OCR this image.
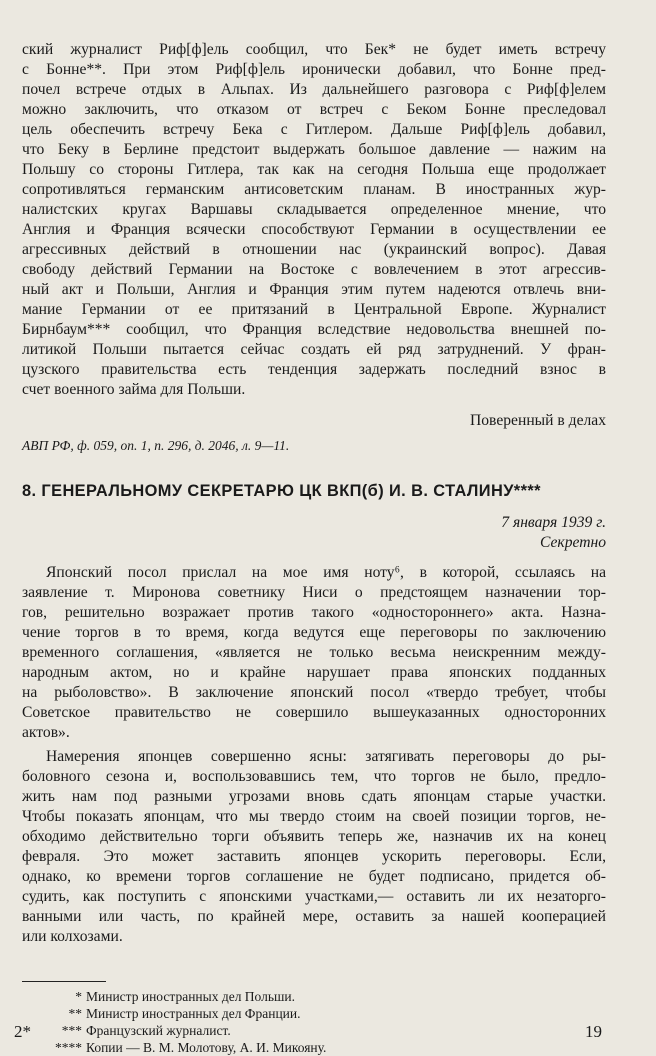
ский журналист Риф[ф]ель сообщил, что Бек* не будет иметь встречу
с Бонне**. При этом Риф[ф]ель иронически добавил, что Бонне пред-
почел встрече отдых в Альпах. Из дальнейшего разговора с Риф[ф]елем
можно заключить, что отказом от встреч с Беком Бонне преследовал
цель обеспечить встречу Бека с Гитлером. Дальше Риф[ф]ель добавил,
что Беку в Берлине предстоит выдержать большое давление — нажим на
Польшу со стороны Гитлера, так как на сегодня Польша еще продолжает
сопротивляться германским антисоветским планам. В иностранных жур-
налистских кругах Варшавы складывается определенное мнение, что
Англия и Франция всячески способствуют Германии в осуществлении ее
агрессивных действий в отношении нас (украинский вопрос). Давая
свободу действий Германии на Востоке с вовлечением в этот агрессив-
ный акт и Польши, Англия и Франция этим путем надеются отвлечь вни-
мание Германии от ее притязаний в Центральной Европе. Журналист
Бирнбаум*** сообщил, что Франция вследствие недовольства внешней по-
литикой Польши пытается сейчас создать ей ряд затруднений. У фран-
цузского правительства есть тенденция задержать последний взнос в
счет военного займа для Польши.
Поверенный в делах
АВП РФ, ф. 059, оп. 1, п. 296, д. 2046, л. 9—11.
8. ГЕНЕРАЛЬНОМУ СЕКРЕТАРЮ ЦК ВКП(б) И. В. СТАЛИНУ****
7 января 1939 г.
Секретно
Японский посол прислал на мое имя ноту⁶, в которой, ссылаясь на
заявление т. Миронова советнику Ниси о предстоящем назначении тор-
гов, решительно возражает против такого «одностороннего» акта. Назна-
чение торгов в то время, когда ведутся еще переговоры по заключению
временного соглашения, «является не только весьма неискренним между-
народным актом, но и крайне нарушает права японских подданных
на рыболовство». В заключение японский посол «твердо требует, чтобы
Советское правительство не совершило вышеуказанных односторонних
актов».
Намерения японцев совершенно ясны: затягивать переговоры до ры-
боловного сезона и, воспользовавшись тем, что торгов не было, предло-
жить нам под разными угрозами вновь сдать японцам старые участки.
Чтобы показать японцам, что мы твердо стоим на своей позиции торгов, не-
обходимо действительно торги объявить теперь же, назначив их на конец
февраля. Это может заставить японцев ускорить переговоры. Если,
однако, ко времени торгов соглашение не будет подписано, придется об-
судить, как поступить с японскими участками,— оставить ли их незаторго-
ванными или часть, по крайней мере, оставить за нашей кооперацией
или колхозами.
* Министр иностранных дел Польши.
** Министр иностранных дел Франции.
*** Французский журналист.
**** Копии — В. М. Молотову, А. И. Микояну.
2*	19
